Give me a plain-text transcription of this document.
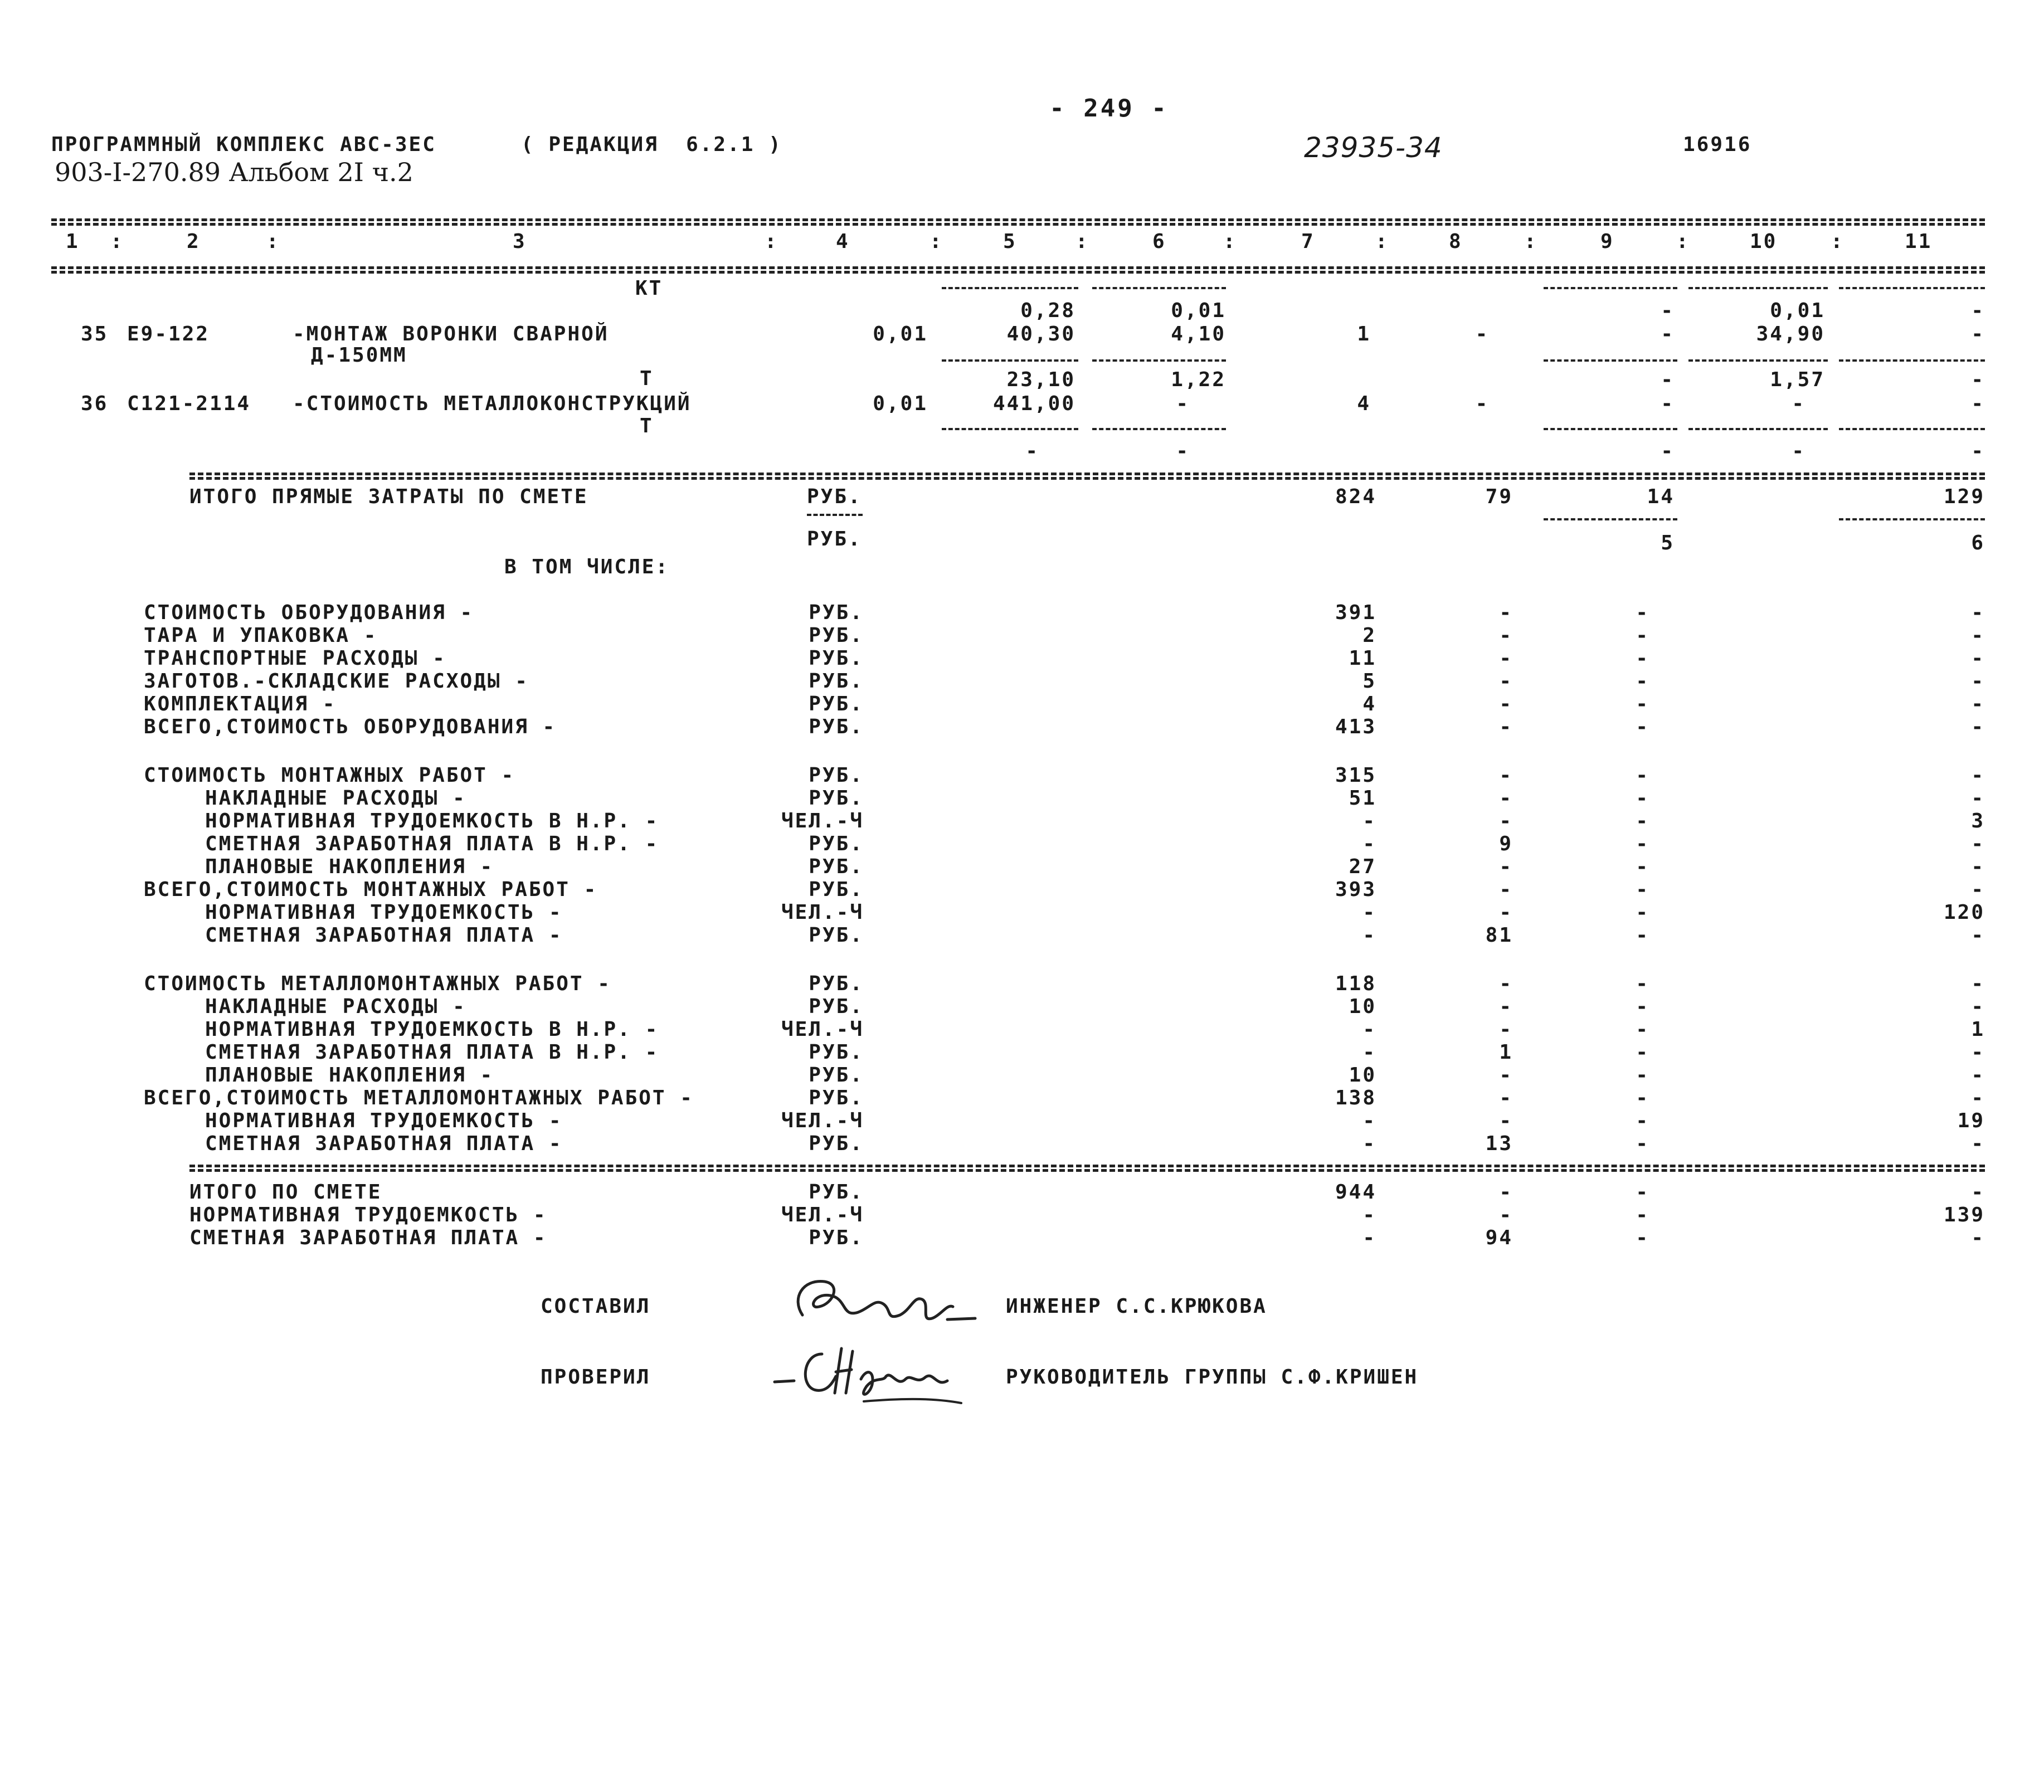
- 249 -
ПРОГРАММНЫЙ КОМПЛЕКС АВС-ЗЕС	( РЕДАКЦИЯ  6.2.1 )	23935-34	16916
903-I-270.89 Альбом 2I ч.2
1 :	2	:	3	:	4	:	5	:	6	:	7	:	8	:	9	:	10	:	11
КТ
0,28	0,01	-	0,01	-
35 Е9-122	-МОНТАЖ ВОРОНКИ СВАРНОЙ	0,01	40,30	4,10	1	-	-	34,90	-
Д-150ММ
Т	23,10	1,22	-	1,57	-
36 С121-2114 -СТОИМОСТЬ МЕТАЛЛОКОНСТРУКЦИЙ	0,01	441,00	-	4	-	-	-	-
Т
-	-	-	-	-
ИТОГО ПРЯМЫЕ ЗАТРАТЫ ПО СМЕТЕ	РУБ.	824	79	14	129
РУБ.	5	6
В ТОМ ЧИСЛЕ:
СТОИМОСТЬ ОБОРУДОВАНИЯ -	РУБ.	391	-	-	-
ТАРА И УПАКОВКА -	РУБ.	2	-	-	-
ТРАНСПОРТНЫЕ РАСХОДЫ -	РУБ.	11	-	-	-
ЗАГОТОВ.-СКЛАДСКИЕ РАСХОДЫ -	РУБ.	5	-	-	-
КОМПЛЕКТАЦИЯ -	РУБ.	4	-	-	-
ВСЕГО,СТОИМОСТЬ ОБОРУДОВАНИЯ -	РУБ.	413	-	-	-
СТОИМОСТЬ МОНТАЖНЫХ РАБОТ -	РУБ.	315	-	-	-
НАКЛАДНЫЕ РАСХОДЫ -	РУБ.	51	-	-	-
НОРМАТИВНАЯ ТРУДОЕМКОСТЬ В Н.Р. -	ЧЕЛ.-Ч	-	-	-	3
СМЕТНАЯ ЗАРАБОТНАЯ ПЛАТА В Н.Р. -	РУБ.	-	9	-	-
ПЛАНОВЫЕ НАКОПЛЕНИЯ -	РУБ.	27	-	-	-
ВСЕГО,СТОИМОСТЬ МОНТАЖНЫХ РАБОТ -	РУБ.	393	-	-	-
НОРМАТИВНАЯ ТРУДОЕМКОСТЬ -	ЧЕЛ.-Ч	-	-	-	120
СМЕТНАЯ ЗАРАБОТНАЯ ПЛАТА -	РУБ.	-	81	-	-
СТОИМОСТЬ МЕТАЛЛОМОНТАЖНЫХ РАБОТ -	РУБ.	118	-	-	-
НАКЛАДНЫЕ РАСХОДЫ -	РУБ.	10	-	-	-
НОРМАТИВНАЯ ТРУДОЕМКОСТЬ В Н.Р. -	ЧЕЛ.-Ч	-	-	-	1
СМЕТНАЯ ЗАРАБОТНАЯ ПЛАТА В Н.Р. -	РУБ.	-	1	-	-
ПЛАНОВЫЕ НАКОПЛЕНИЯ -	РУБ.	10	-	-	-
ВСЕГО,СТОИМОСТЬ МЕТАЛЛОМОНТАЖНЫХ РАБОТ -	РУБ.	138	-	-	-
НОРМАТИВНАЯ ТРУДОЕМКОСТЬ -	ЧЕЛ.-Ч	-	-	-	19
СМЕТНАЯ ЗАРАБОТНАЯ ПЛАТА -	РУБ.	-	13	-	-
ИТОГО ПО СМЕТЕ	РУБ.	944	-	-	-
НОРМАТИВНАЯ ТРУДОЕМКОСТЬ -	ЧЕЛ.-Ч	-	-	-	139
СМЕТНАЯ ЗАРАБОТНАЯ ПЛАТА -	РУБ.	-	94	-	-
СОСТАВИЛ	ИНЖЕНЕР С.С.КРЮКОВА
ПРОВЕРИЛ	РУКОВОДИТЕЛЬ ГРУППЫ С.Ф.КРИШЕН
